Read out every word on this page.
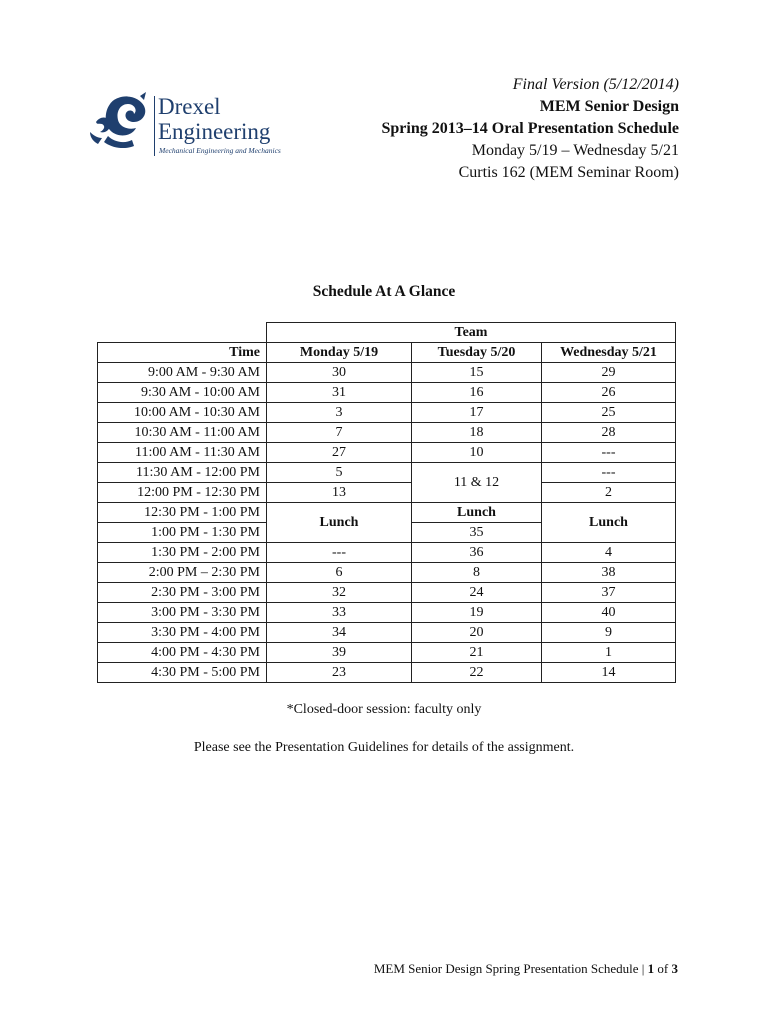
Drexel
Engineering
Mechanical Engineering and Mechanics
Final Version (5/12/2014)
MEM Senior Design
Spring 2013–14 Oral Presentation Schedule
Monday 5/19 – Wednesday 5/21
Curtis 162 (MEM Seminar Room)
Schedule At A Glance
	Team		
Time	Monday 5/19	Tuesday 5/20	Wednesday 5/21
9:00 AM - 9:30 AM	30	15	29
9:30 AM - 10:00 AM	31	16	26
10:00 AM - 10:30 AM	3	17	25
10:30 AM - 11:00 AM	7	18	28
11:00 AM - 11:30 AM	27	10	---
11:30 AM - 12:00 PM	5	11 & 12	---
12:00 PM - 12:30 PM	13		2
12:30 PM - 1:00 PM	Lunch	Lunch	Lunch
1:00 PM - 1:30 PM		35	
1:30 PM - 2:00 PM	---	36	4
2:00 PM – 2:30 PM	6	8	38
2:30 PM - 3:00 PM	32	24	37
3:00 PM - 3:30 PM	33	19	40
3:30 PM - 4:00 PM	34	20	9
4:00 PM - 4:30 PM	39	21	1
4:30 PM - 5:00 PM	23	22	14
*Closed-door session: faculty only
Please see the Presentation Guidelines for details of the assignment.
MEM Senior Design Spring Presentation Schedule | 1 of 3
